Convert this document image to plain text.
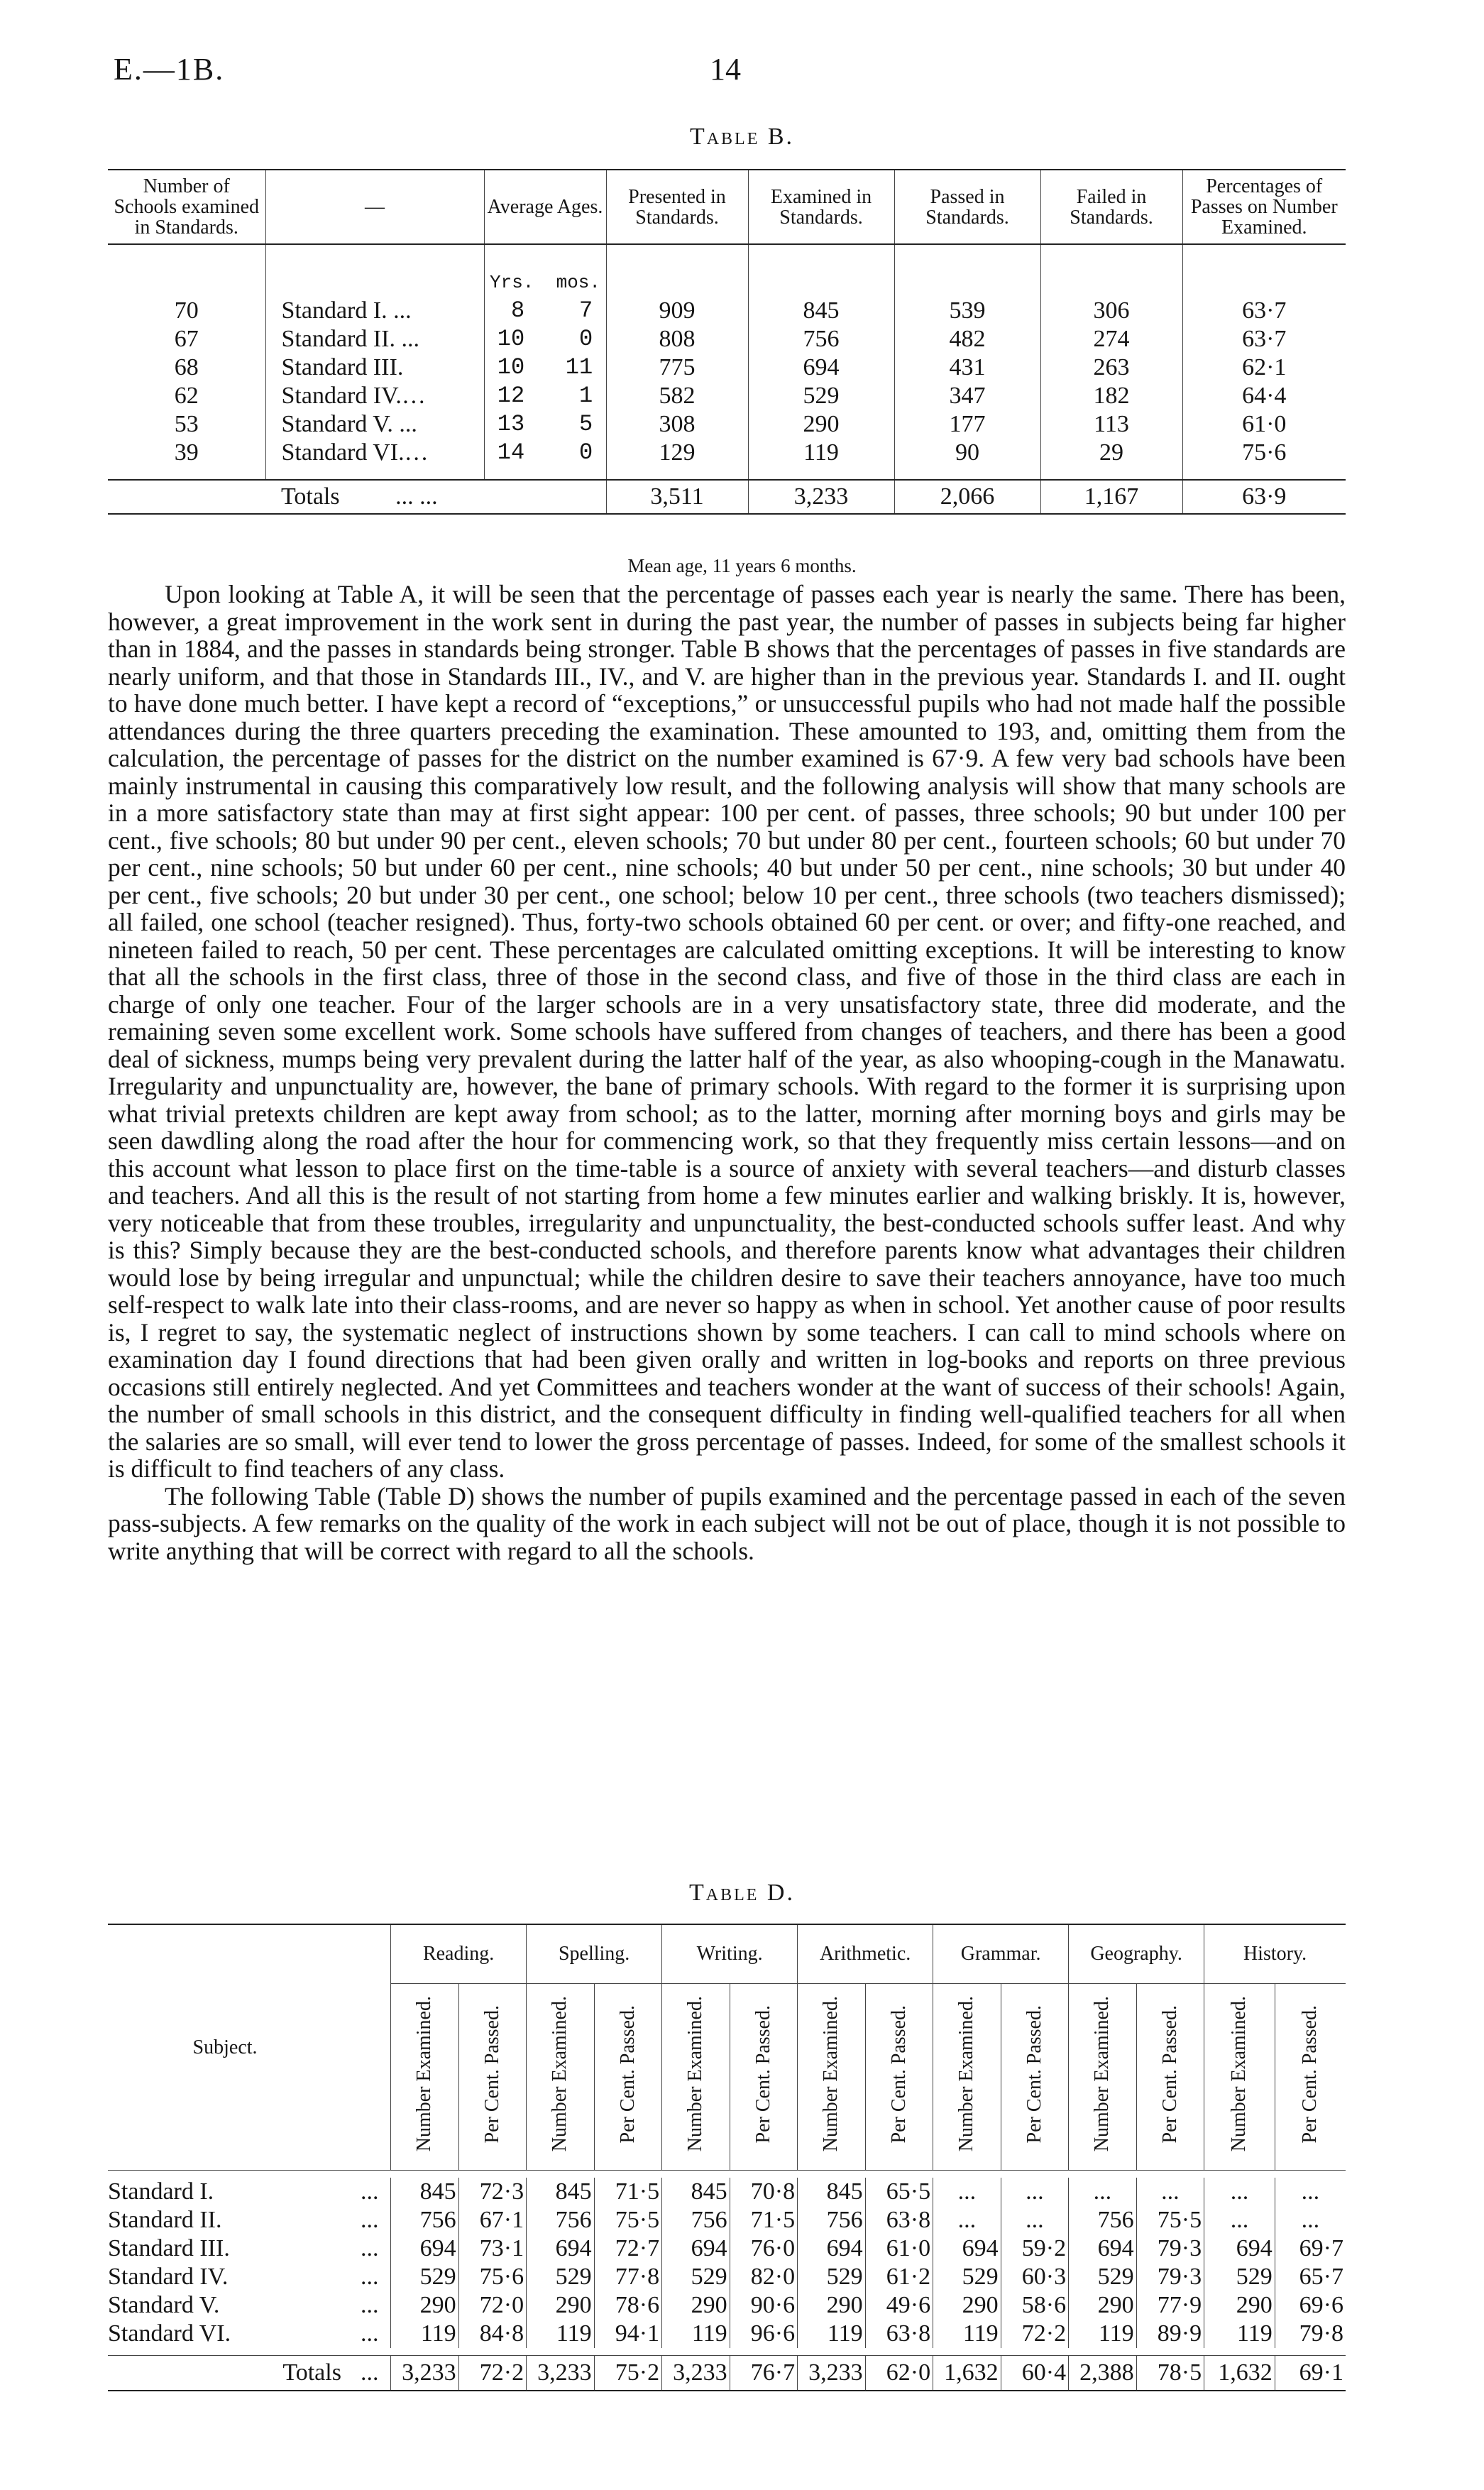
E.—1B.	14
Table B.
Number of Schools examined in Standards.	—	Average Ages.	Presented in Standards.	Examined in Standards.	Passed in Standards.	Failed in Standards.	Percentages of Passes on Number Examined.

		Yrs.  mos.					
70	Standard I. ...	8    7	909	845	539	306	63·7
67	Standard II. ...	10    0	808	756	482	274	63·7
68	Standard III.	10   11	775	694	431	263	62·1
62	Standard IV.…	12    1	582	529	347	182	64·4
53	Standard V. ...	13    5	308	290	177	113	61·0
39	Standard VI.…	14    0	129	119	90	29	75·6

	Totals ... ...		3,511	3,233	2,066	1,167	63·9
Mean age, 11 years 6 months.

Upon looking at Table A, it will be seen that the percentage of passes each year is nearly the same. There has been, however, a great improvement in the work sent in during the past year, the number of passes in subjects being far higher than in 1884, and the passes in standards being stronger. Table B shows that the percentages of passes in five standards are nearly uniform, and that those in Standards III., IV., and V. are higher than in the previous year. Standards I. and II. ought to have done much better. I have kept a record of “exceptions,” or unsuccessful pupils who had not made half the possible attendances during the three quarters preceding the examination. These amounted to 193, and, omitting them from the calculation, the percentage of passes for the district on the number examined is 67·9. A few very bad schools have been mainly instrumental in causing this comparatively low result, and the following analysis will show that many schools are in a more satisfactory state than may at first sight appear: 100 per cent. of passes, three schools; 90 but under 100 per cent., five schools; 80 but under 90 per cent., eleven schools; 70 but under 80 per cent., fourteen schools; 60 but under 70 per cent., nine schools; 50 but under 60 per cent., nine schools; 40 but under 50 per cent., nine schools; 30 but under 40 per cent., five schools; 20 but under 30 per cent., one school; below 10 per cent., three schools (two teachers dismissed); all failed, one school (teacher resigned). Thus, forty-two schools obtained 60 per cent. or over; and fifty-one reached, and nineteen failed to reach, 50 per cent. These percentages are calculated omitting exceptions. It will be interesting to know that all the schools in the first class, three of those in the second class, and five of those in the third class are each in charge of only one teacher. Four of the larger schools are in a very unsatisfactory state, three did moderate, and the remaining seven some excellent work. Some schools have suffered from changes of teachers, and there has been a good deal of sickness, mumps being very prevalent during the latter half of the year, as also whooping-cough in the Manawatu. Irregularity and unpunctuality are, however, the bane of primary schools. With regard to the former it is surprising upon what trivial pretexts children are kept away from school; as to the latter, morning after morning boys and girls may be seen dawdling along the road after the hour for commencing work, so that they frequently miss certain lessons—and on this account what lesson to place first on the time-table is a source of anxiety with several teachers—and disturb classes and teachers. And all this is the result of not starting from home a few minutes earlier and walking briskly. It is, however, very noticeable that from these troubles, irregularity and unpunctuality, the best-conducted schools suffer least. And why is this? Simply because they are the best-conducted schools, and therefore parents know what advantages their children would lose by being irregular and unpunctual; while the children desire to save their teachers annoyance, have too much self-respect to walk late into their class-rooms, and are never so happy as when in school. Yet another cause of poor results is, I regret to say, the systematic neglect of instructions shown by some teachers. I can call to mind schools where on examination day I found directions that had been given orally and written in log-books and reports on three previous occasions still entirely neglected. And yet Committees and teachers wonder at the want of success of their schools! Again, the number of small schools in this district, and the consequent difficulty in finding well-qualified teachers for all when the salaries are so small, will ever tend to lower the gross percentage of passes. Indeed, for some of the smallest schools it is difficult to find teachers of any class.

The following Table (Table D) shows the number of pupils examined and the percentage passed in each of the seven pass-subjects. A few remarks on the quality of the work in each subject will not be out of place, though it is not possible to write anything that will be correct with regard to all the schools.

Table D.
Subject.		Reading.		Spelling.		Writing.		Arithmetic.		Grammar.		Geography.		History.	
		Number Examined.	Per Cent. Passed.	Number Examined.	Per Cent. Passed.	Number Examined.	Per Cent. Passed.	Number Examined.	Per Cent. Passed.	Number Examined.	Per Cent. Passed.	Number Examined.	Per Cent. Passed.	Number Examined.	Per Cent. Passed.

Standard I.	...	845	72·3	845	71·5	845	70·8	845	65·5	...	...	...	...	...	...
Standard II.	...	756	67·1	756	75·5	756	71·5	756	63·8	...	...	756	75·5	...	...
Standard III.	...	694	73·1	694	72·7	694	76·0	694	61·0	694	59·2	694	79·3	694	69·7
Standard IV.	...	529	75·6	529	77·8	529	82·0	529	61·2	529	60·3	529	79·3	529	65·7
Standard V.	...	290	72·0	290	78·6	290	90·6	290	49·6	290	58·6	290	77·9	290	69·6
Standard VI.	...	119	84·8	119	94·1	119	96·6	119	63·8	119	72·2	119	89·9	119	79·8

Totals	...	3,233	72·2	3,233	75·2	3,233	76·7	3,233	62·0	1,632	60·4	2,388	78·5	1,632	69·1
